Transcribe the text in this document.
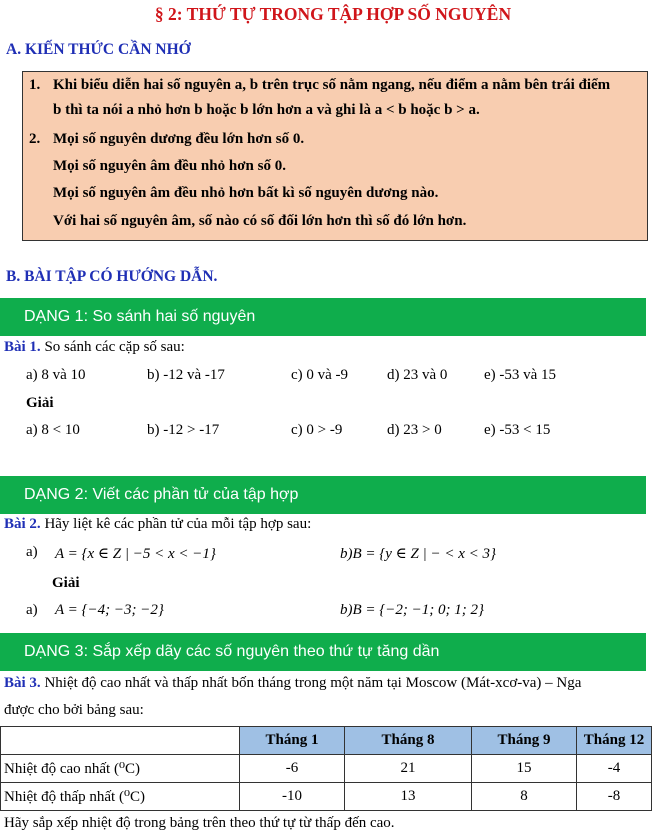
§ 2: THỨ TỰ TRONG TẬP HỢP SỐ NGUYÊN
A. KIẾN THỨC CẦN NHỚ
1. Khi biểu diễn hai số nguyên a, b trên trục số nằm ngang, nếu điểm a nằm bên trái điểm
b thì ta nói a nhỏ hơn b hoặc b lớn hơn a và ghi là a < b hoặc b > a.
2. Mọi số nguyên dương đều lớn hơn số 0.
Mọi số nguyên âm đều nhỏ hơn số 0.
Mọi số nguyên âm đều nhỏ hơn bất kì số nguyên dương nào.
Với hai số nguyên âm, số nào có số đối lớn hơn thì số đó lớn hơn.
B. BÀI TẬP CÓ HƯỚNG DẪN.
DẠNG 1: So sánh hai số nguyên
Bài 1. So sánh các cặp số sau:
a) 8 và 10	b) -12 và -17	c) 0 và -9	d) 23 và 0 e) -53 và 15
Giải
a) 8 < 10	b) -12 > -17	c) 0 > -9	d) 23 > 0	e) -53 < 15
DẠNG 2: Viết các phần tử của tập hợp
Bài 2. Hãy liệt kê các phần tử của mỗi tập hợp sau:
a) A = {x ∈ Z | −5 < x < −1}	b)B = {y ∈ Z | − < x < 3}
Giải
a) A = {−4; −3; −2}	b)B = {−2; −1; 0; 1; 2}
DẠNG 3: Sắp xếp dãy các số nguyên theo thứ tự tăng dần
Bài 3. Nhiệt độ cao nhất và thấp nhất bốn tháng trong một năm tại Moscow (Mát-xcơ-va) – Nga
được cho bởi bảng sau:
	Tháng 1	Tháng 8	Tháng 9	Tháng 12
Nhiệt độ cao nhất (⁰C)	-6	21	15	-4
Nhiệt độ thấp nhất (⁰C)	-10	13	8	-8
Hãy sắp xếp nhiệt độ trong bảng trên theo thứ tự từ thấp đến cao.
